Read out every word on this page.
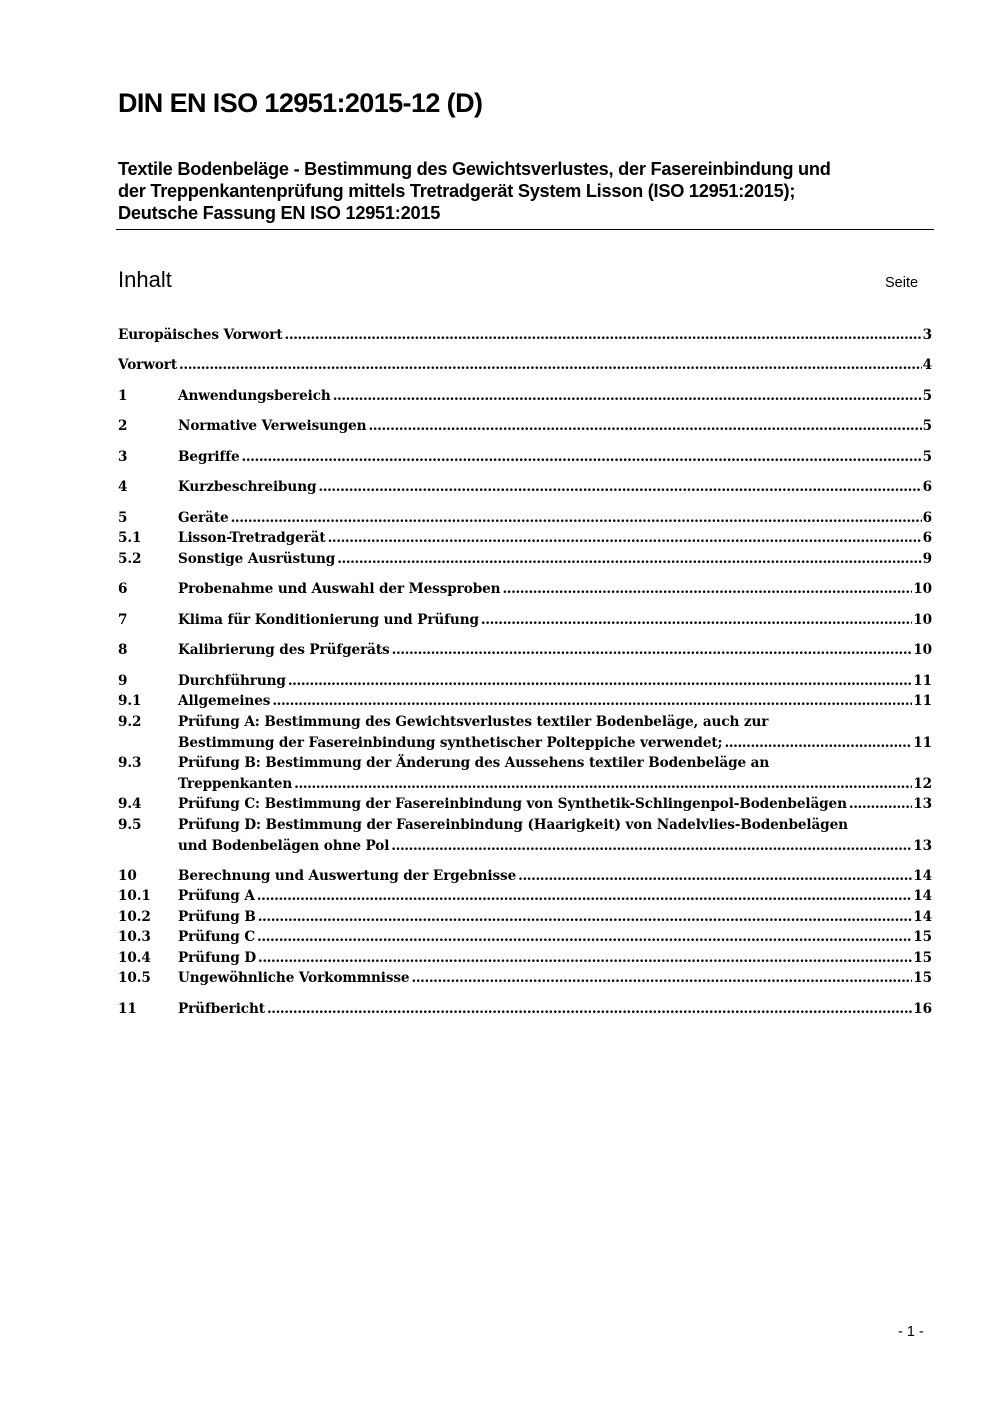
DIN EN ISO 12951:2015-12 (D)
Textile Bodenbeläge - Bestimmung des Gewichtsverlustes, der Fasereinbindung und
der Treppenkantenprüfung mittels Tretradgerät System Lisson (ISO 12951:2015);
Deutsche Fassung EN ISO 12951:2015
Inhalt	Seite
Europäisches Vorwort .....	3
Vorwort .....	4
1	Anwendungsbereich .....	5
2	Normative Verweisungen .....	5
3	Begriffe .....	5
4	Kurzbeschreibung .....	6
5	Geräte .....	6
5.1	Lisson-Tretradgerät .....	6
5.2	Sonstige Ausrüstung .....	9
6	Probenahme und Auswahl der Messproben .....	10
7	Klima für Konditionierung und Prüfung .....	10
8	Kalibrierung des Prüfgeräts .....	10
9	Durchführung .....	11
9.1	Allgemeines .....	11
9.2	Prüfung A: Bestimmung des Gewichtsverlustes textiler Bodenbeläge, auch zur
Bestimmung der Fasereinbindung synthetischer Polteppiche verwendet; .....	11
9.3	Prüfung B: Bestimmung der Änderung des Aussehens textiler Bodenbeläge an
Treppenkanten .....	12
9.4	Prüfung C: Bestimmung der Fasereinbindung von Synthetik-Schlingenpol-Bodenbelägen .....	13
9.5	Prüfung D: Bestimmung der Fasereinbindung (Haarigkeit) von Nadelvlies-Bodenbelägen
und Bodenbelägen ohne Pol .....	13
10	Berechnung und Auswertung der Ergebnisse .....	14
10.1 Prüfung A .....	14
10.2 Prüfung B .....	14
10.3 Prüfung C .....	15
10.4 Prüfung D .....	15
10.5 Ungewöhnliche Vorkommnisse .....	15
11	Prüfbericht .....	16
- 1 -
